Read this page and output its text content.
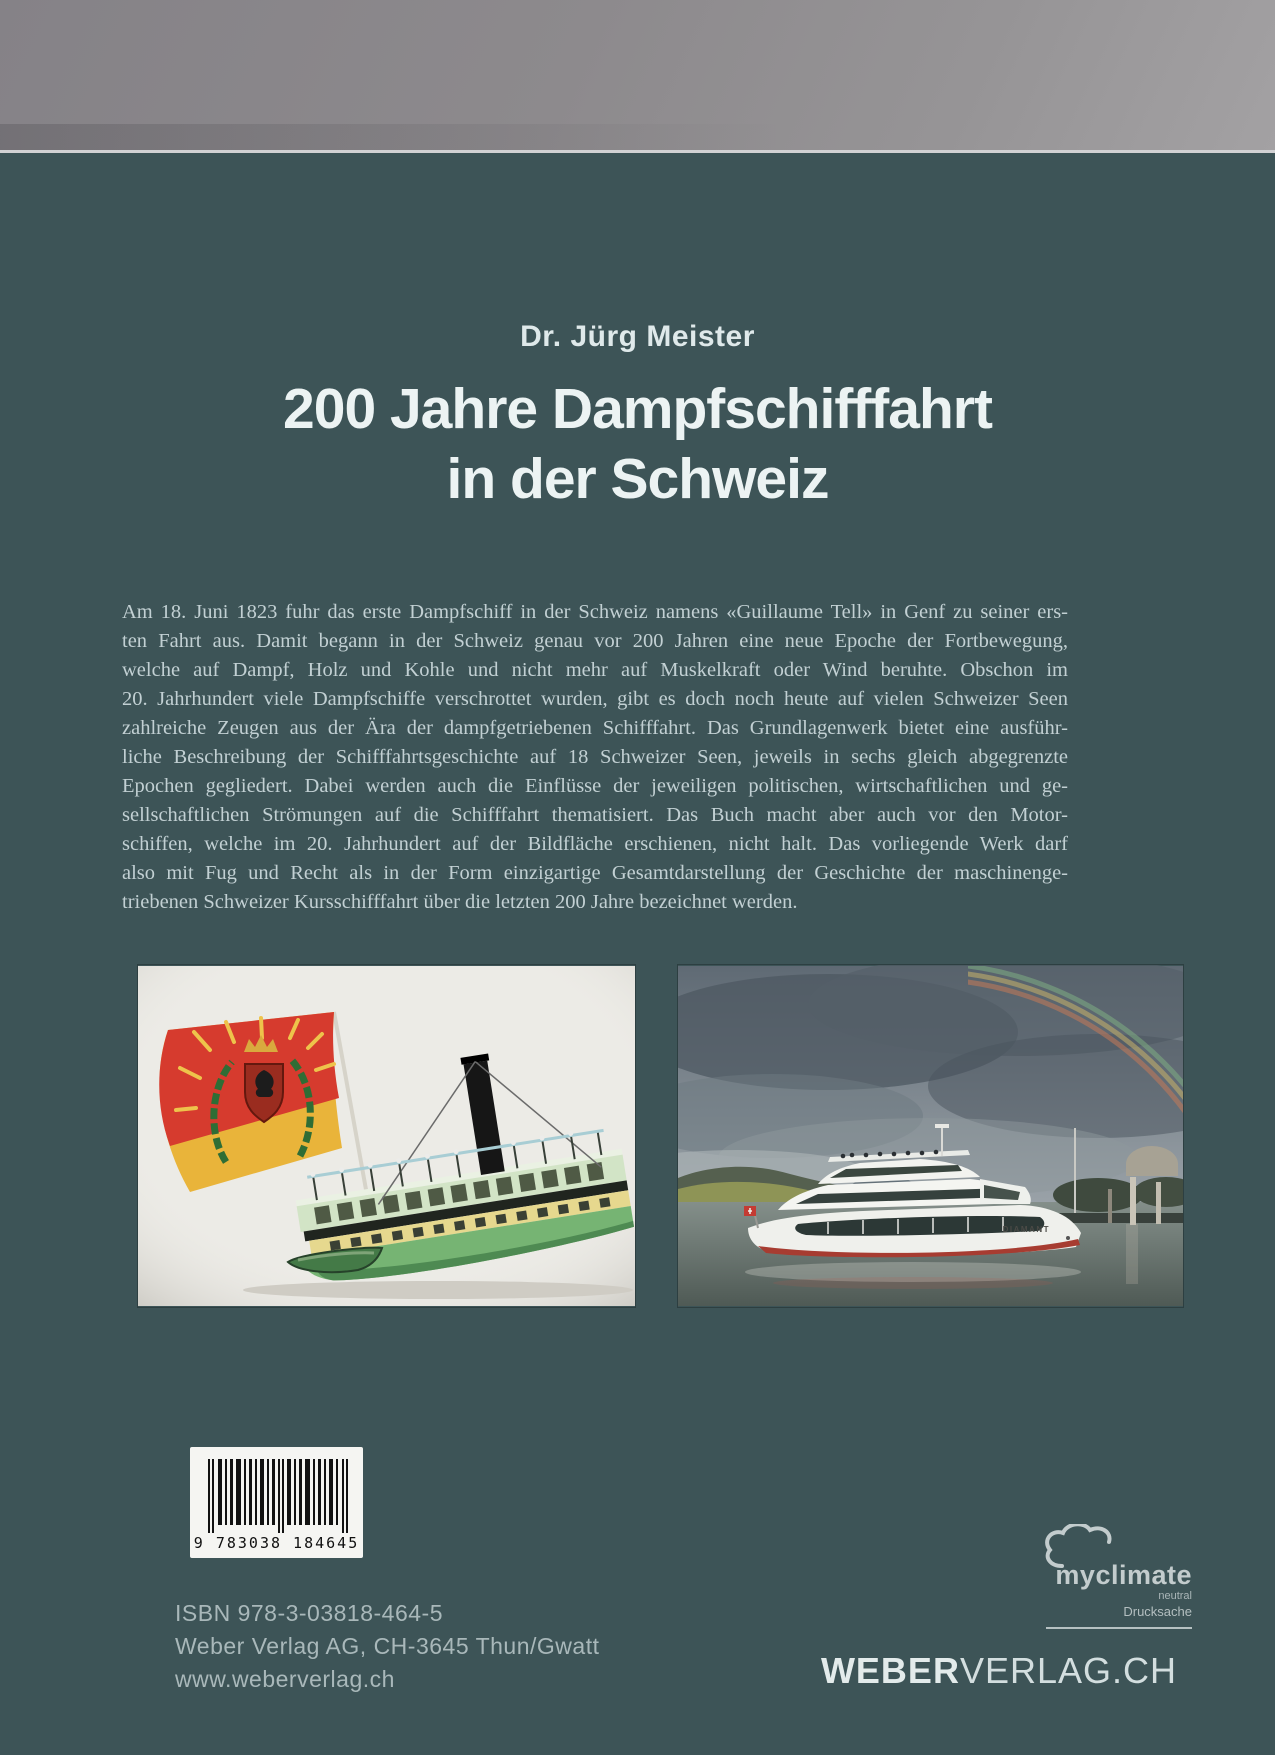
Dr. Jürg Meister
200 Jahre Dampfschifffahrt
in der Schweiz
Am 18. Juni 1823 fuhr das erste Dampfschiff in der Schweiz namens «Guillaume Tell» in Genf zu seiner ers-
ten Fahrt aus. Damit begann in der Schweiz genau vor 200 Jahren eine neue Epoche der Fortbewegung,
welche auf Dampf, Holz und Kohle und nicht mehr auf Muskelkraft oder Wind beruhte. Obschon im
20. Jahrhundert viele Dampfschiffe verschrottet wurden, gibt es doch noch heute auf vielen Schweizer Seen
zahlreiche Zeugen aus der Ära der dampfgetriebenen Schifffahrt. Das Grundlagenwerk bietet eine ausführ-
liche Beschreibung der Schifffahrtsgeschichte auf 18 Schweizer Seen, jeweils in sechs gleich abgegrenzte
Epochen gegliedert. Dabei werden auch die Einflüsse der jeweiligen politischen, wirtschaftlichen und ge-
sellschaftlichen Strömungen auf die Schifffahrt thematisiert. Das Buch macht aber auch vor den Motor-
schiffen, welche im 20. Jahrhundert auf der Bildfläche erschienen, nicht halt. Das vorliegende Werk darf
also mit Fug und Recht als in der Form einzigartige Gesamtdarstellung der Geschichte der maschinenge-
triebenen Schweizer Kursschifffahrt über die letzten 200 Jahre bezeichnet werden.
DIAMANT
9 783038 184645
myclimate
neutral
Drucksache
ISBN 978-3-03818-464-5
Weber Verlag AG, CH-3645 Thun/Gwatt
www.weberverlag.ch	WEBERVERLAG.CH
